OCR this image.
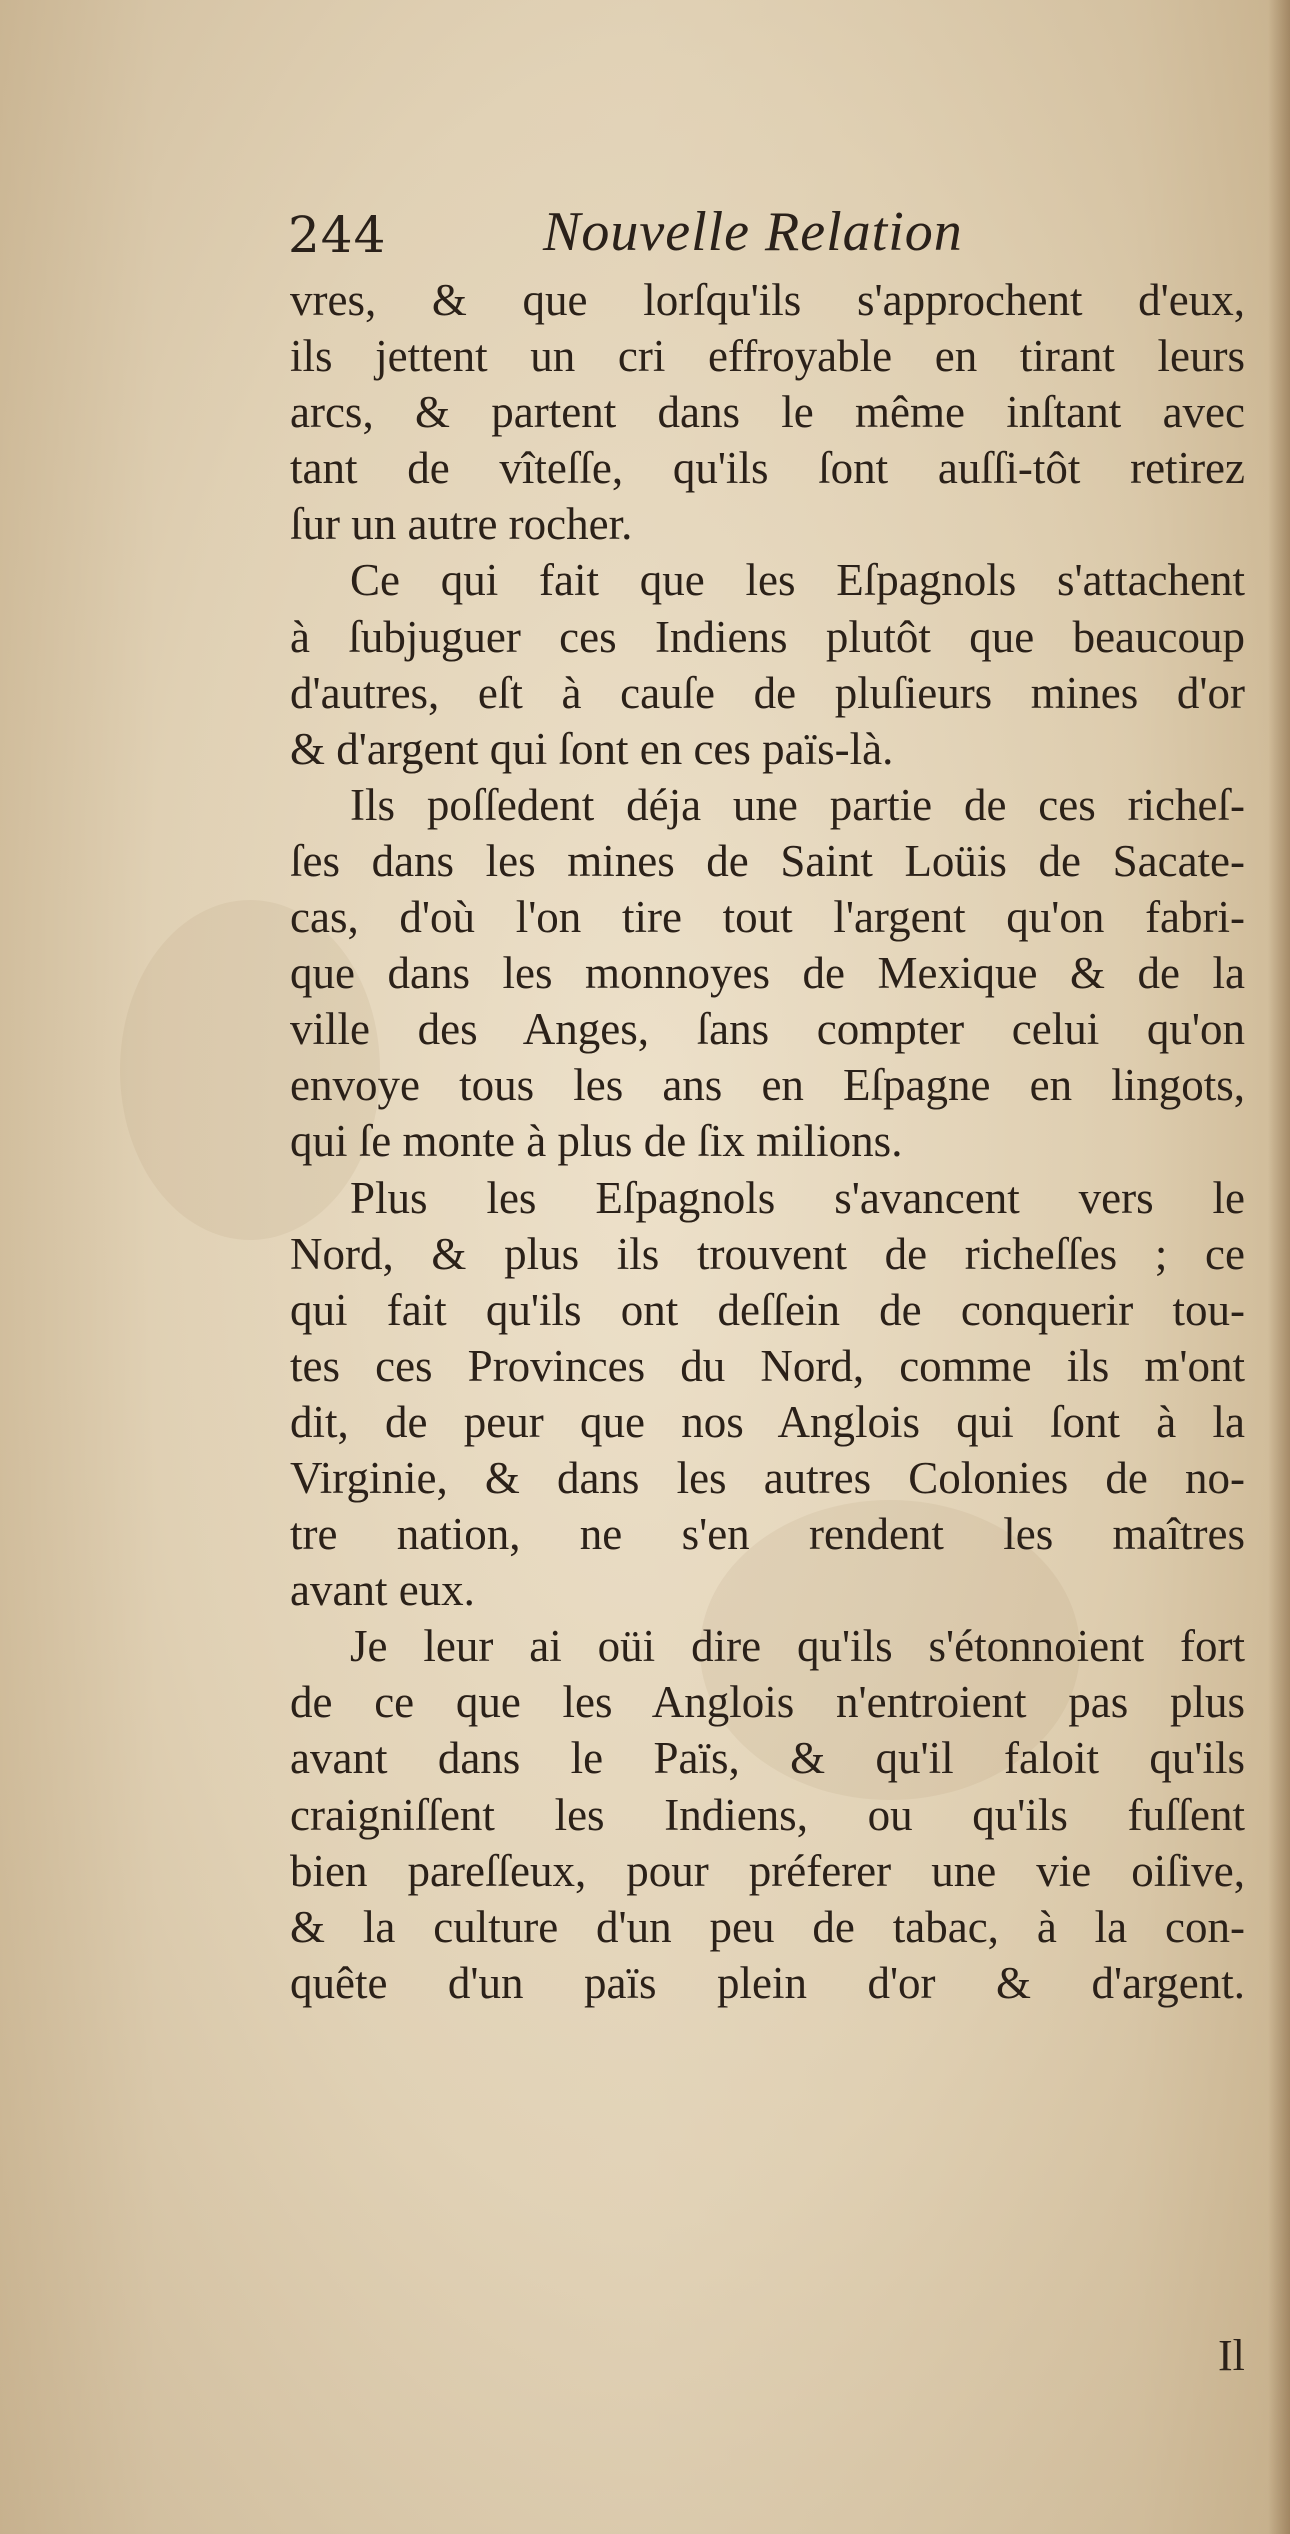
244	Nouvelle Relation
vres, & que lorſqu'ils s'approchent d'eux,
ils jettent un cri effroyable en tirant leurs
arcs, & partent dans le même inſtant avec
tant de vîteſſe, qu'ils ſont auſſi-tôt retirez
ſur un autre rocher.
Ce qui fait que les Eſpagnols s'attachent
à ſubjuguer ces Indiens plutôt que beaucoup
d'autres, eſt à cauſe de pluſieurs mines d'or
& d'argent qui ſont en ces païs-là.
Ils poſſedent déja une partie de ces richeſ-
ſes dans les mines de Saint Loüis de Sacate-
cas, d'où l'on tire tout l'argent qu'on fabri-
que dans les monnoyes de Mexique & de la
ville des Anges, ſans compter celui qu'on
envoye tous les ans en Eſpagne en lingots,
qui ſe monte à plus de ſix milions.
Plus les Eſpagnols s'avancent vers le
Nord, & plus ils trouvent de richeſſes ; ce
qui fait qu'ils ont deſſein de conquerir tou-
tes ces Provinces du Nord, comme ils m'ont
dit, de peur que nos Anglois qui ſont à la
Virginie, & dans les autres Colonies de no-
tre nation, ne s'en rendent les maîtres
avant eux.
Je leur ai oüi dire qu'ils s'étonnoient fort
de ce que les Anglois n'entroient pas plus
avant dans le Païs, & qu'il faloit qu'ils
craigniſſent les Indiens, ou qu'ils fuſſent
bien pareſſeux, pour préferer une vie oiſive,
& la culture d'un peu de tabac, à la con-
quête d'un païs plein d'or & d'argent.
Il
